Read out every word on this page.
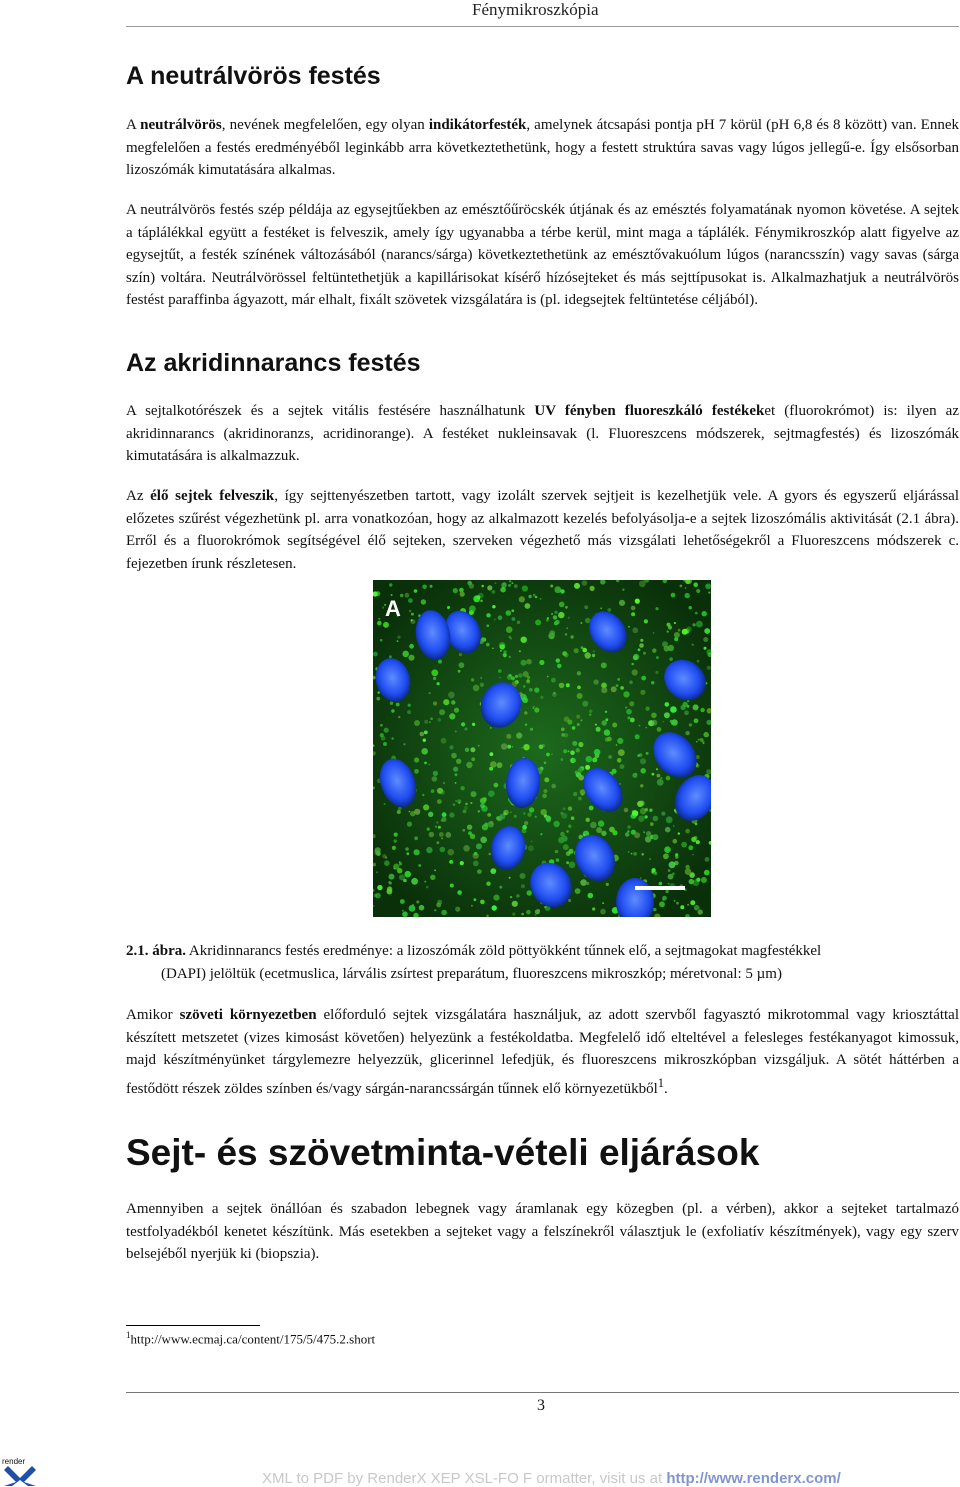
Fénymikroszkópia
A neutrálvörös festés

A neutrálvörös, nevének megfelelően, egy olyan indikátorfesték, amelynek átcsapási pontja pH 7 körül (pH 6,8 és 8 között) van. Ennek megfelelően a festés eredményéből leginkább arra következtethetünk, hogy a festett struktúra savas vagy lúgos jellegű-e. Így elsősorban lizoszómák kimutatására alkalmas.

A neutrálvörös festés szép példája az egysejtűekben az emésztőűröcskék útjának és az emésztés folyamatának nyomon követése. A sejtek a táplálékkal együtt a festéket is felveszik, amely így ugyanabba a térbe kerül, mint maga a táplálék. Fénymikroszkóp alatt figyelve az egysejtűt, a festék színének változásából (narancs/sárga) következtethetünk az emésztővakuólum lúgos (narancsszín) vagy savas (sárga szín) voltára. Neutrálvörössel feltüntethetjük a kapillárisokat kísérő hízósejteket és más sejttípusokat is. Alkalmazhatjuk a neutrálvörös festést paraffinba ágyazott, már elhalt, fixált szövetek vizsgálatára is (pl. idegsejtek feltüntetése céljából).

Az akridinnarancs festés

A sejtalkotórészek és a sejtek vitális festésére használhatunk UV fényben fluoreszkáló festékeket (fluorokrómot) is: ilyen az akridinnarancs (akridinoranzs, acridinorange). A festéket nukleinsavak (l. Fluoreszcens módszerek, sejtmagfestés) és lizoszómák kimutatására is alkalmazzuk.

Az élő sejtek felveszik, így sejttenyészetben tartott, vagy izolált szervek sejtjeit is kezelhetjük vele. A gyors és egyszerű eljárással előzetes szűrést végezhetünk pl. arra vonatkozóan, hogy az alkalmazott kezelés befolyásolja-e a sejtek lizoszómális aktivitását (2.1 ábra). Erről és a fluorokrómok segítségével élő sejteken, szerveken végezhető más vizsgálati lehetőségekről a Fluoreszcens módszerek c. fejezetben írunk részletesen.

A
2.1. ábra. Akridinnarancs festés eredménye: a lizoszómák zöld pöttyökként tűnnek elő, a sejtmagokat magfestékkel
(DAPI) jelöltük (ecetmuslica, lárvális zsírtest preparátum, fluoreszcens mikroszkóp; méretvonal: 5 µm)

Amikor szöveti környezetben előforduló sejtek vizsgálatára használjuk, az adott szervből fagyasztó mikrotommal vagy kriosztáttal készített metszetet (vizes kimosást követően) helyezünk a festékoldatba. Megfelelő idő elteltével a felesleges festékanyagot kimossuk, majd készítményünket tárgylemezre helyezzük, glicerinnel lefedjük, és fluoreszcens mikroszkópban vizsgáljuk. A sötét háttérben a festődött részek zöldes színben és/vagy sárgán-narancssárgán tűnnek elő környezetükből$^1$.

Sejt- és szövetminta-vételi eljárások

Amennyiben a sejtek önállóan és szabadon lebegnek vagy áramlanak egy közegben (pl. a vérben), akkor a sejteket tartalmazó testfolyadékból kenetet készítünk. Más esetekben a sejteket vagy a felszínekről választjuk le (exfoliatív készítmények), vagy egy szerv belsejéből nyerjük ki (biopszia).

$^1$http://www.ecmaj.ca/content/175/5/475.2.short
3
render
XML to PDF by RenderX XEP XSL-FO F ormatter, visit us at http://www.renderx.com/
